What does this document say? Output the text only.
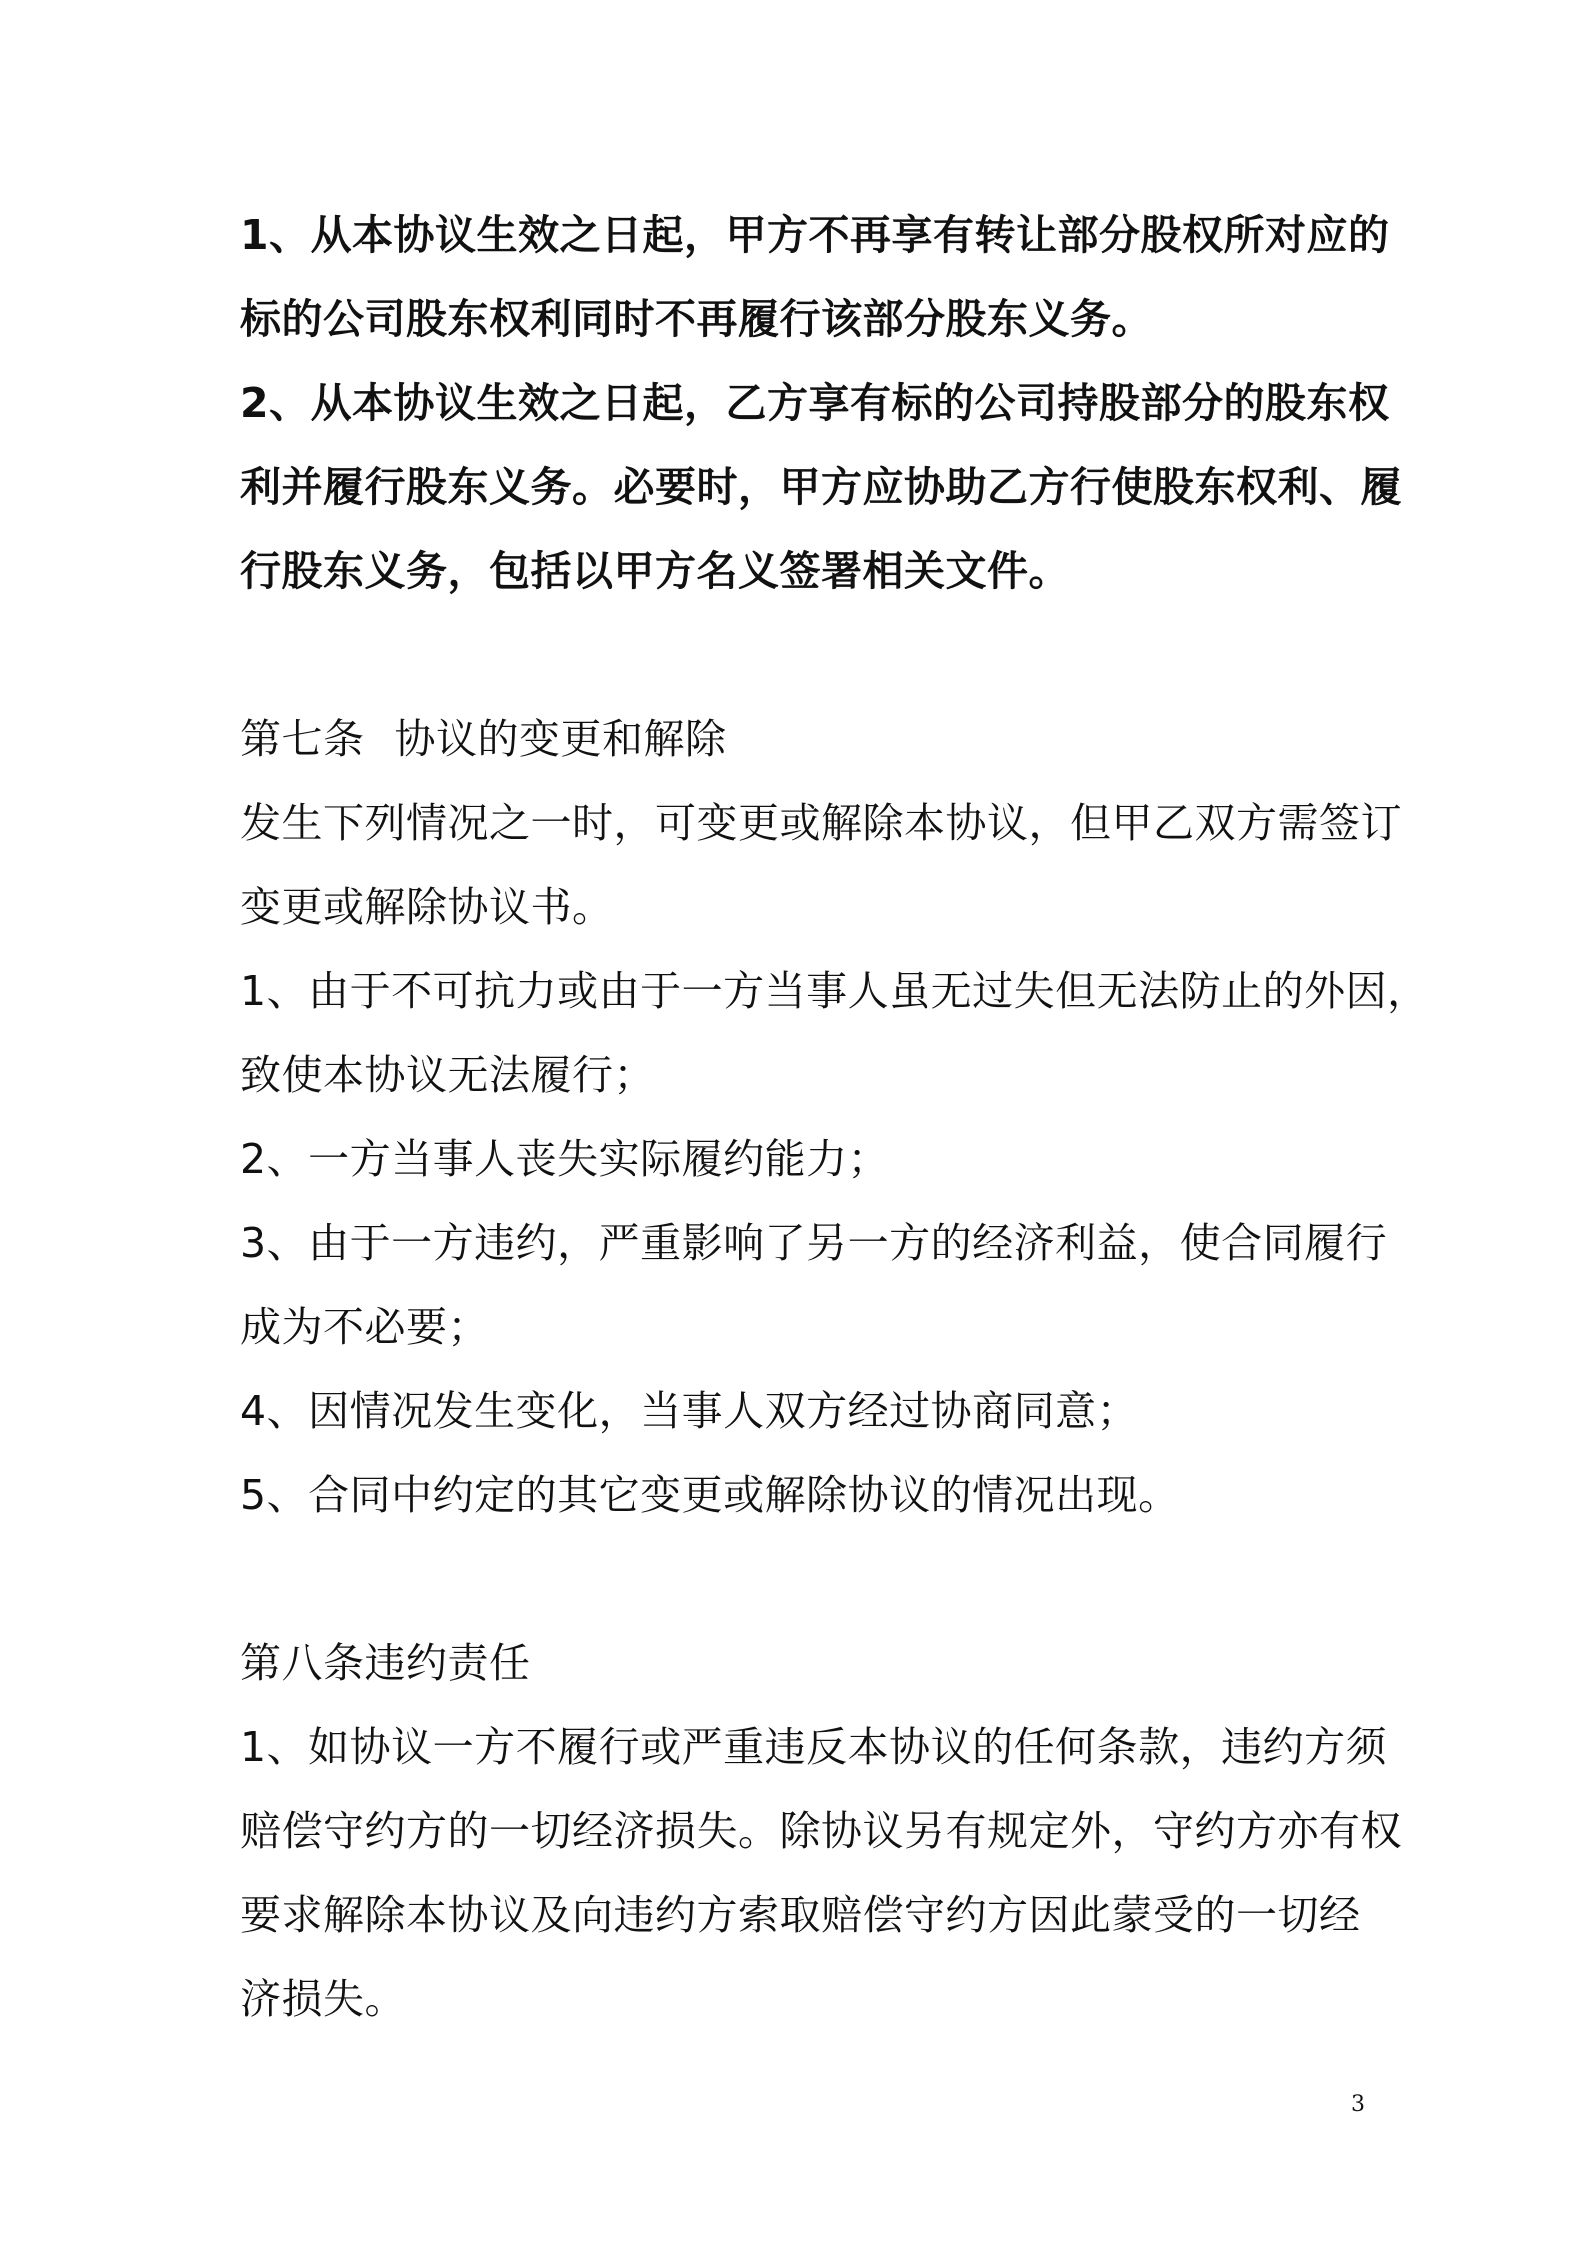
1、从本协议生效之日起，甲方不再享有转让部分股权所对应的
标的公司股东权利同时不再履行该部分股东义务。
2、从本协议生效之日起，乙方享有标的公司持股部分的股东权
利并履行股东义务。必要时，甲方应协助乙方行使股东权利、履
行股东义务，包括以甲方名义签署相关文件。
第七条 协议的变更和解除
发生下列情况之一时，可变更或解除本协议，但甲乙双方需签订
变更或解除协议书。
1、由于不可抗力或由于一方当事人虽无过失但无法防止的外因，
致使本协议无法履行；
2、一方当事人丧失实际履约能力；
3、由于一方违约，严重影响了另一方的经济利益，使合同履行
成为不必要；
4、因情况发生变化，当事人双方经过协商同意；
5、合同中约定的其它变更或解除协议的情况出现。
第八条违约责任
1、如协议一方不履行或严重违反本协议的任何条款，违约方须
赔偿守约方的一切经济损失。除协议另有规定外，守约方亦有权
要求解除本协议及向违约方索取赔偿守约方因此蒙受的一切经
济损失。
3
